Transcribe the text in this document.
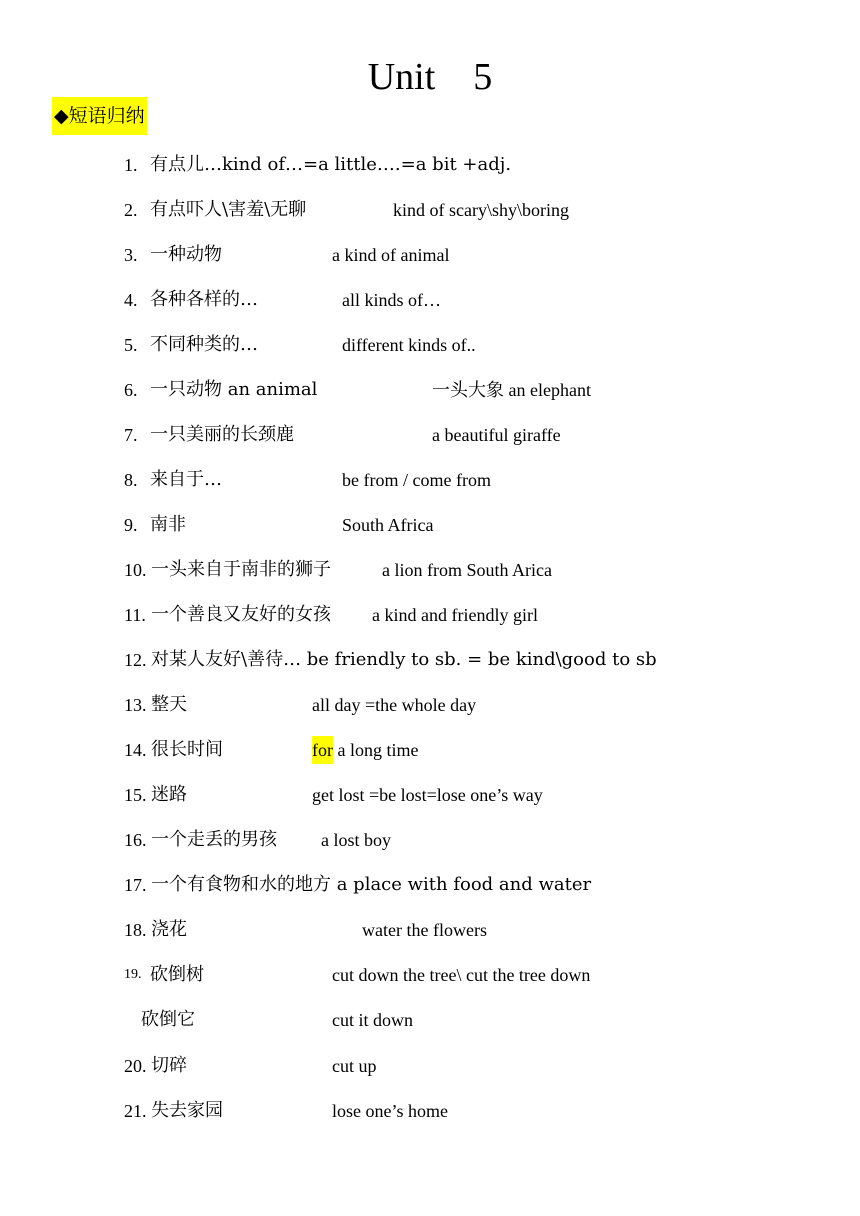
Unit    5
◆短语归纳
1. 有点儿…kind of…=a little….=a bit +adj.
2. 有点吓人\害羞\无聊	kind of scary\shy\boring
3. 一种动物	a kind of animal
4. 各种各样的…	all kinds of…
5. 不同种类的…	different kinds of..
6. 一只动物 an animal	一头大象 an elephant
7. 一只美丽的长颈鹿	a beautiful giraffe
8. 来自于…	be from / come from
9. 南非	South Africa
10. 一头来自于南非的狮子	a lion from South Arica
11. 一个善良又友好的女孩 a kind and friendly girl
12. 对某人友好\善待… be friendly to sb. = be kind\good to sb
13. 整天	all day =the whole day
14. 很长时间	for a long time
15. 迷路	get lost =be lost=lose one’s way
16. 一个走丢的男孩 a lost boy
17. 一个有食物和水的地方 a place with food and water
18. 浇花	water the flowers
19. 砍倒树	cut down the tree\ cut the tree down
砍倒它	cut it down
20. 切碎	cut up
21. 失去家园	lose one’s home
